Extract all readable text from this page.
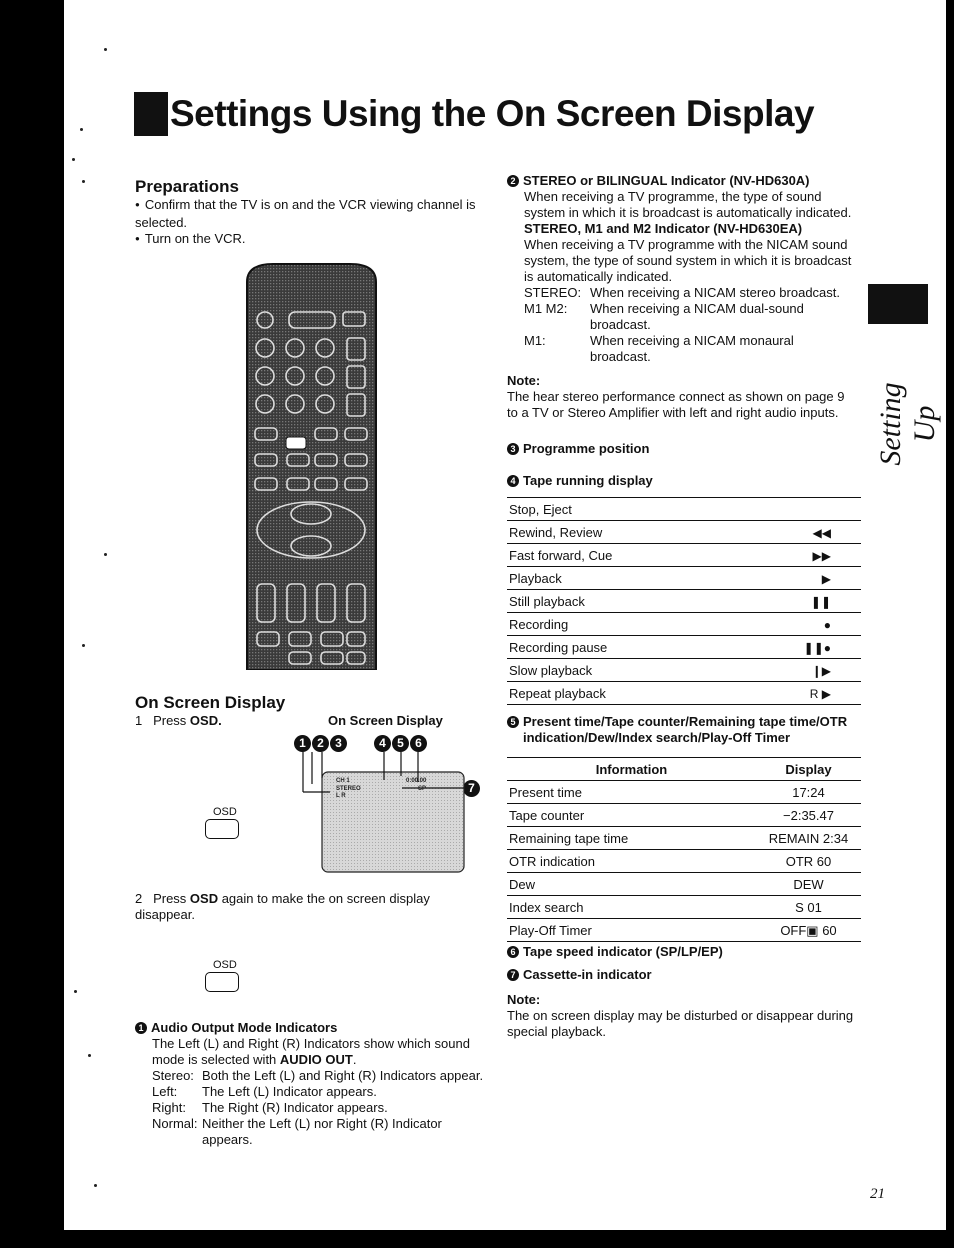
Settings Using the On Screen Display
Setting Up
Preparations
● Confirm that the TV is on and the VCR viewing channel is selected.
● Turn on the VCR.
On Screen Display
1 Press OSD.	On Screen Display
1 2 3	4 5 6
7
CH 1
STEREO
L R
0:00.00
SP
OSD
2 Press OSD again to make the on screen display disappear.
OSD
1 Audio Output Mode Indicators
The Left (L) and Right (R) Indicators show which sound mode is selected with AUDIO OUT.
Stereo: Both the Left (L) and Right (R) Indicators appear.
Left:	The Left (L) Indicator appears.
Right:	The Right (R) Indicator appears.
Normal: Neither the Left (L) nor Right (R) Indicator appears.
2 STEREO or BILINGUAL Indicator (NV-HD630A)
When receiving a TV programme, the type of sound system in which it is broadcast is automatically indicated.
STEREO, M1 and M2 Indicator (NV-HD630EA)
When receiving a TV programme with the NICAM sound system, the type of sound system in which it is broadcast is automatically indicated.
STEREO: When receiving a NICAM stereo broadcast.
M1 M2:	When receiving a NICAM dual-sound broadcast.
M1:	When receiving a NICAM monaural broadcast.
Note:
The hear stereo performance connect as shown on page 9 to a TV or Stereo Amplifier with left and right audio inputs.
3 Programme position
4 Tape running display
Stop, Eject	
Rewind, Review	◀◀
Fast forward, Cue	▶▶
Playback	▶
Still playback	❚❚
Recording	●
Recording pause	❚❚●
Slow playback	❙▶
Repeat playback	R ▶
5 Present time/Tape counter/Remaining tape time/OTR indication/Dew/Index search/Play-Off Timer
Information	Display
Present time	17:24
Tape counter	−2:35.47
Remaining tape time	REMAIN 2:34
OTR indication	OTR 60
Dew	DEW
Index search	S 01
Play-Off Timer	OFF▣ 60
6 Tape speed indicator (SP/LP/EP)
7 Cassette-in indicator
Note:
The on screen display may be disturbed or disappear during special playback.
21
